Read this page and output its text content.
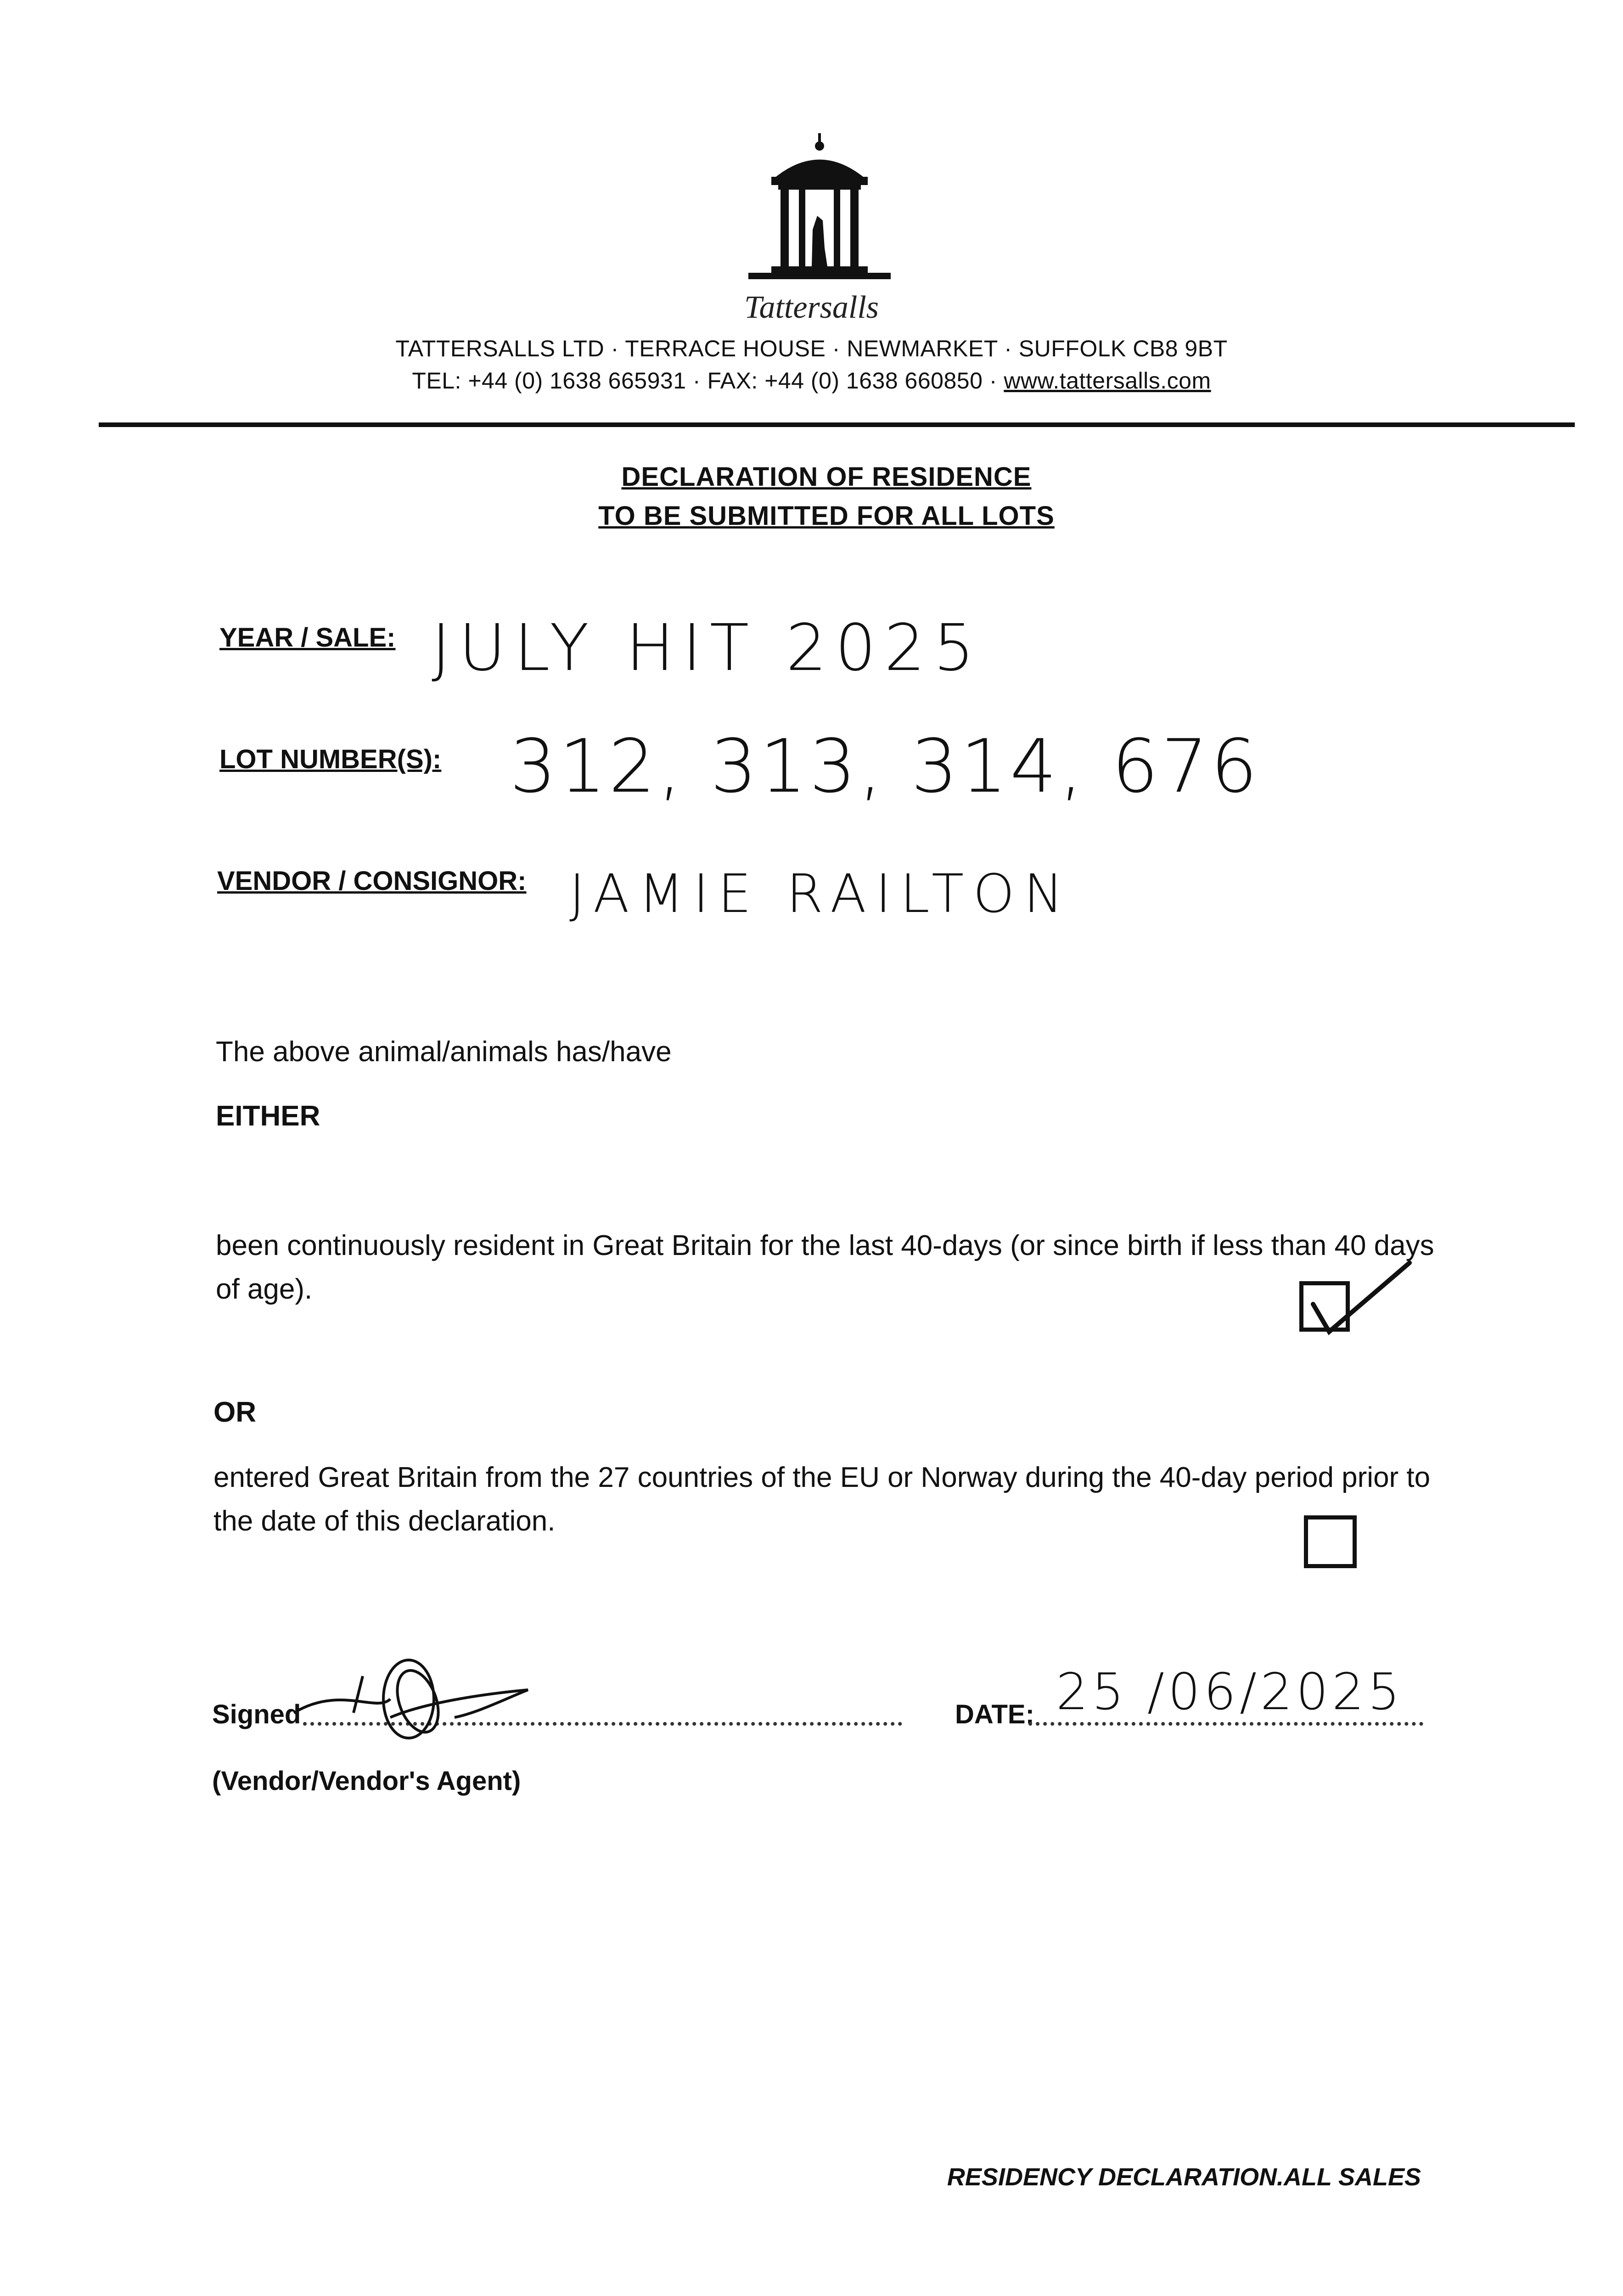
Tattersalls
TATTERSALLS LTD · TERRACE HOUSE · NEWMARKET · SUFFOLK CB8 9BT
TEL: +44 (0) 1638 665931 · FAX: +44 (0) 1638 660850 · www.tattersalls.com
DECLARATION OF RESIDENCE
TO BE SUBMITTED FOR ALL LOTS
YEAR / SALE: JULY HIT 2025
LOT NUMBER(S): 312, 313, 314, 676
VENDOR / CONSIGNOR: JAMIE RAILTON
The above animal/animals has/have
EITHER
been continuously resident in Great Britain for the last 40-days (or since birth if less than 40 days of age).
OR
entered Great Britain from the 27 countries of the EU or Norway during the 40-day period prior to the date of this declaration.
Signed
(Vendor/Vendor's Agent)
DATE: 25 /06/2025
RESIDENCY DECLARATION.ALL SALES
